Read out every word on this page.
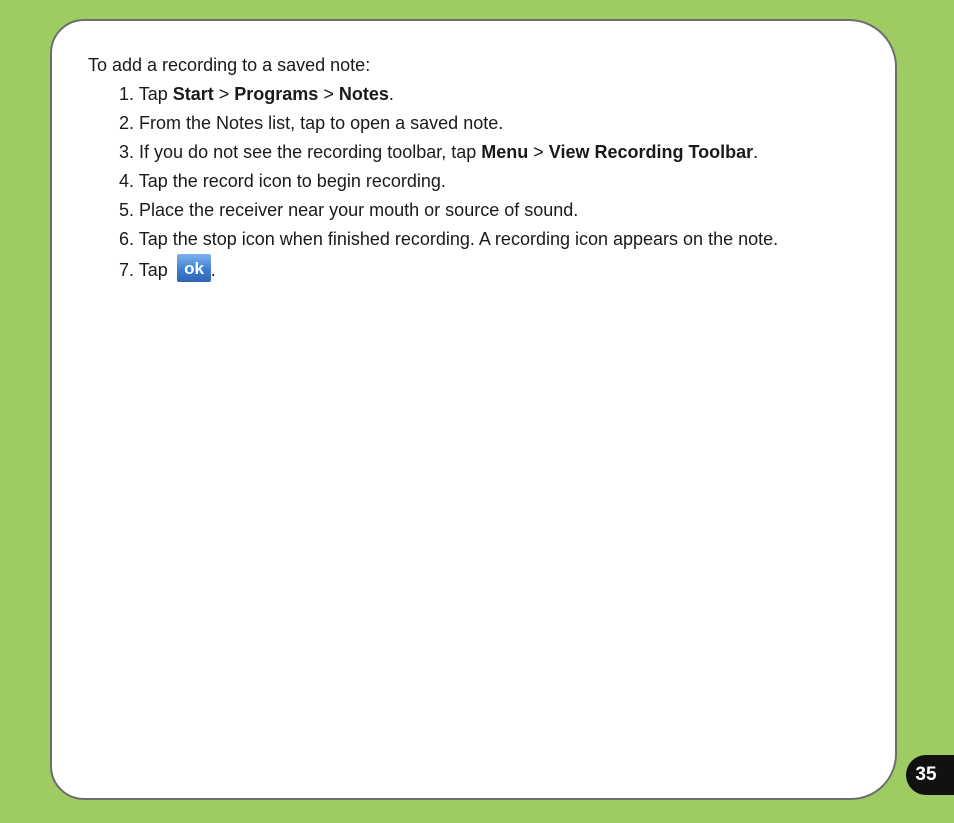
To add a recording to a saved note:

1. Tap Start > Programs > Notes.
2. From the Notes list, tap to open a saved note.
3. If you do not see the recording toolbar, tap Menu > View Recording Toolbar.
4. Tap the record icon to begin recording.
5. Place the receiver near your mouth or source of sound.
6. Tap the stop icon when finished recording. A recording icon appears on the note.
7. Tap ok .
35
